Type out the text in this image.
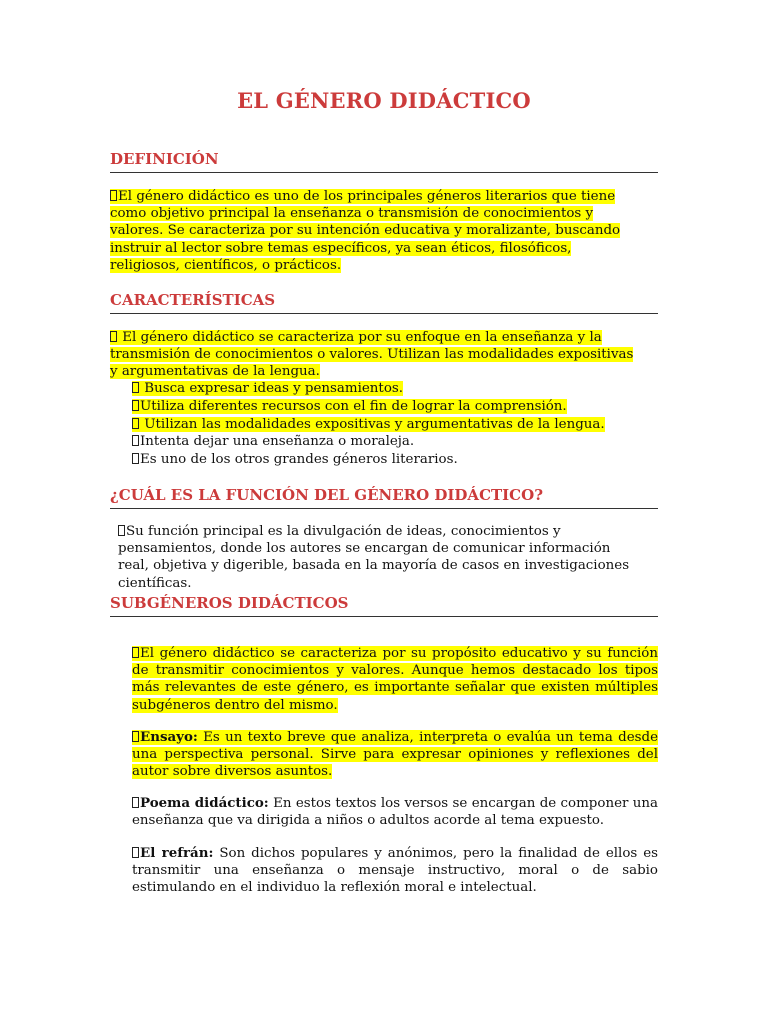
EL GÉNERO DIDÁCTICO
DEFINICIÓN
El género didáctico es uno de los principales géneros literarios que tiene como objetivo principal la enseñanza o transmisión de conocimientos y valores. Se caracteriza por su intención educativa y moralizante, buscando instruir al lector sobre temas específicos, ya sean éticos, filosóficos, religiosos, científicos, o prácticos.
CARACTERÍSTICAS
El género didáctico se caracteriza por su enfoque en la enseñanza y la transmisión de conocimientos o valores. Utilizan las modalidades expositivas y argumentativas de la lengua.
Busca expresar ideas y pensamientos.
Utiliza diferentes recursos con el fin de lograr la comprensión.
Utilizan las modalidades expositivas y argumentativas de la lengua.
Intenta dejar una enseñanza o moraleja.
Es uno de los otros grandes géneros literarios.
¿CUÁL ES LA FUNCIÓN DEL GÉNERO DIDÁCTICO?
Su función principal es la divulgación de ideas, conocimientos y pensamientos, donde los autores se encargan de comunicar información real, objetiva y digerible, basada en la mayoría de casos en investigaciones científicas.
SUBGÉNEROS DIDÁCTICOS
El género didáctico se caracteriza por su propósito educativo y su función de transmitir conocimientos y valores. Aunque hemos destacado los tipos más relevantes de este género, es importante señalar que existen múltiples subgéneros dentro del mismo.
Ensayo: Es un texto breve que analiza, interpreta o evalúa un tema desde una perspectiva personal. Sirve para expresar opiniones y reflexiones del autor sobre diversos asuntos.
Poema didáctico: En estos textos los versos se encargan de componer una enseñanza que va dirigida a niños o adultos acorde al tema expuesto.
El refrán: Son dichos populares y anónimos, pero la finalidad de ellos es transmitir una enseñanza o mensaje instructivo, moral o de sabio estimulando en el individuo la reflexión moral e intelectual.
